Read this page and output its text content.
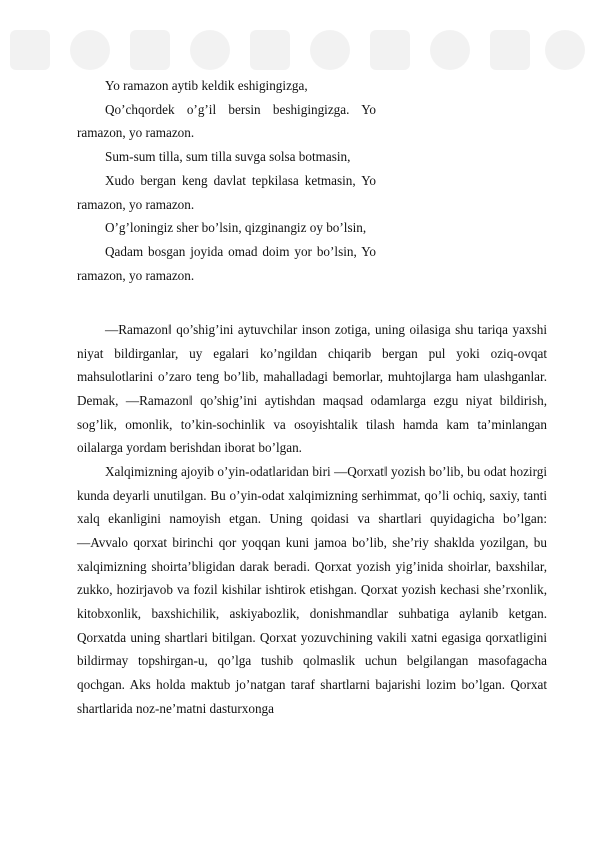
Yo ramazon aytib keldik eshigingizga,
Qo’chqordek o’g’il bersin beshigingizga. Yo
ramazon, yo ramazon.
Sum-sum tilla, sum tilla suvga solsa botmasin,
Xudo bergan keng davlat tepkilasa ketmasin, Yo
ramazon, yo ramazon.
O’g’loningiz sher bo’lsin, qizginangiz oy bo’lsin,
Qadam bosgan joyida omad doim yor bo’lsin, Yo
ramazon, yo ramazon.

―Ramazon‖ qo’shig’ini aytuvchilar inson zotiga, uning oilasiga shu tariqa yaxshi niyat bildirganlar, uy egalari ko’ngildan chiqarib bergan pul yoki oziq-ovqat mahsulotlarini o’zaro teng bo’lib, mahalladagi bemorlar, muhtojlarga ham ulashganlar. Demak, ―Ramazon‖ qo’shig’ini aytishdan maqsad odamlarga ezgu niyat bildirish, sog’lik, omonlik, to’kin-sochinlik va osoyishtalik tilash hamda kam ta’minlangan oilalarga yordam berishdan iborat bo’lgan.

Xalqimizning ajoyib o’yin-odatlaridan biri ―Qorxat‖ yozish bo’lib, bu odat hozirgi kunda deyarli unutilgan. Bu o’yin-odat xalqimizning serhimmat, qo’li ochiq, saxiy, tanti xalq ekanligini namoyish etgan. Uning qoidasi va shartlari quyidagicha bo’lgan: ―Avvalo qorxat birinchi qor yoqqan kuni jamoa bo’lib, she’riy shaklda yozilgan, bu xalqimizning shoirta’bligidan darak beradi. Qorxat yozish yig’inida shoirlar, baxshilar, zukko, hozirjavob va fozil kishilar ishtirok etishgan. Qorxat yozish kechasi she’rxonlik, kitobxonlik, baxshichilik, askiyabozlik, donishmandlar suhbatiga aylanib ketgan. Qorxatda uning shartlari bitilgan. Qorxat yozuvchining vakili xatni egasiga qorxatligini bildirmay topshirgan-u, qo’lga tushib qolmaslik uchun belgilangan masofagacha qochgan. Aks holda maktub jo’natgan taraf shartlarni bajarishi lozim bo’lgan. Qorxat shartlarida noz-ne’matni dasturxonga
